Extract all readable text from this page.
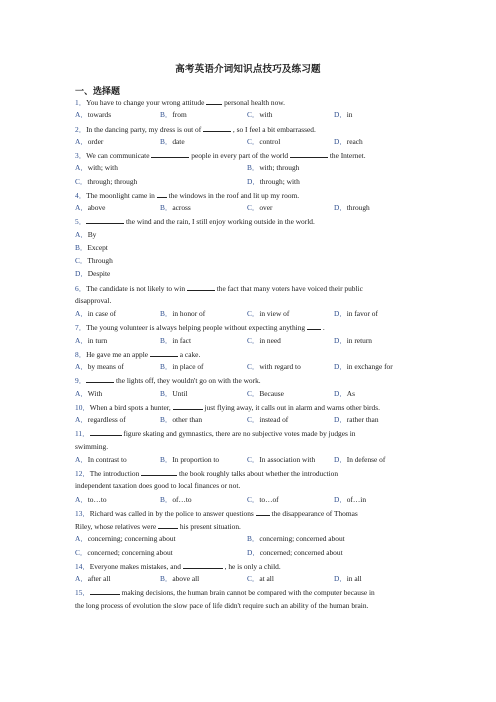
高考英语介词知识点技巧及练习题
一、选择题
1．You have to change your wrong attitude	personal health now.
A．towards	B．from	C．with	D．in
2．In the dancing party, my dress is out of	, so I feel a bit embarrassed.
A．order	B．date	C．control	D．reach
3．We can communicate	people in every part of the world	the Internet.
A．with; with	B．with; through
C．through; through	D．through; with
4．The moonlight came in the windows in the roof and lit up my room.
A．above	B．across	C．over	D．through
5．	the wind and the rain, I still enjoy working outside in the world.
A．By
B．Except
C．Through
D．Despite
6．The candidate is not likely to win	the fact that many voters have voiced their public
disapproval.
A．in case of	B．in honor of	C．in view of	D．in favor of
7．The young volunteer is always helping people without expecting anything .
A．in turn	B．in fact	C．in need	D．in return
8．He gave me an apple	a cake.
A．by means of	B．in place of	C．with regard to	D．in exchange for
9．	the lights off, they wouldn't go on with the work.
A．With	B．Until	C．Because	D．As
10．When a bird spots a hunter,	just flying away, it calls out in alarm and warns other birds.
A．regardless of	B．other than	C．instead of	D．rather than
11．	figure skating and gymnastics, there are no subjective votes made by judges in
swimming.
A．In contrast to	B．In proportion to	C．In association with	D．In defense of
12．The introduction	the book roughly talks about whether the introduction
independent taxation does good to local finances or not.
A．to…to	B．of…to	C．to…of	D．of…in
13．Richard was called in by the police to answer questions the disappearance of Thomas
Riley, whose relatives were	his present situation.
A．concerning; concerning about	B．concerning; concerned about
C．concerned; concerning about	D．concerned; concerned about
14．Everyone makes mistakes, and	, he is only a child.
A．after all	B．above all	C．at all	D．in all
15．	making decisions, the human brain cannot be compared with the computer because in
the long process of evolution the slow pace of life didn't require such an ability of the human brain.
